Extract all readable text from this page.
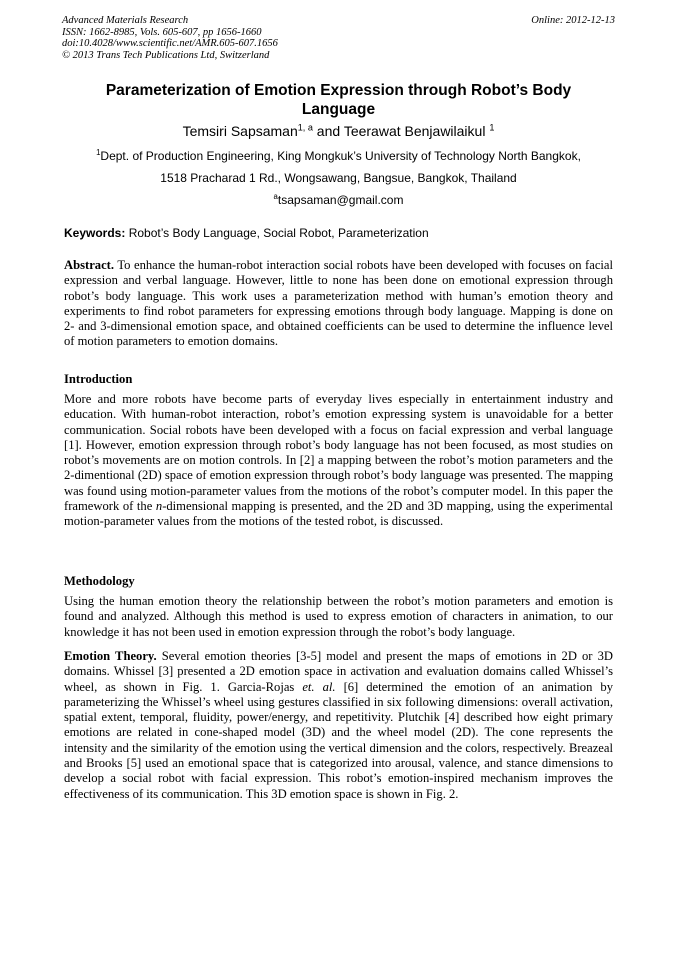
Advanced Materials Research
ISSN: 1662-8985, Vols. 605-607, pp 1656-1660
doi:10.4028/www.scientific.net/AMR.605-607.1656
© 2013 Trans Tech Publications Ltd, Switzerland
Online: 2012-12-13
Parameterization of Emotion Expression through Robot’s Body
Language
Temsiri Sapsaman$^{1, a}$ and Teerawat Benjawilaikul $^1$
$^1$Dept. of Production Engineering, King Mongkuk’s University of Technology North Bangkok,
1518 Pracharad 1 Rd., Wongsawang, Bangsue, Bangkok, Thailand
$^a$tsapsaman@gmail.com
Keywords: Robot’s Body Language, Social Robot, Parameterization

Abstract. To enhance the human-robot interaction social robots have been developed with focuses on facial expression and verbal language. However, little to none has been done on emotional expression through robot’s body language. This work uses a parameterization method with human’s emotion theory and experiments to find robot parameters for expressing emotions through body language. Mapping is done on 2- and 3-dimensional emotion space, and obtained coefficients can be used to determine the influence level of motion parameters to emotion domains.

Introduction

More and more robots have become parts of everyday lives especially in entertainment industry and education. With human-robot interaction, robot’s emotion expressing system is unavoidable for a better communication. Social robots have been developed with a focus on facial expression and verbal language [1]. However, emotion expression through robot’s body language has not been focused, as most studies on robot’s movements are on motion controls. In [2] a mapping between the robot’s motion parameters and the 2-dimentional (2D) space of emotion expression through robot’s body language was presented. The mapping was found using motion-parameter values from the motions of the robot’s computer model. In this paper the framework of the n-dimensional mapping is presented, and the 2D and 3D mapping, using the experimental motion-parameter values from the motions of the tested robot, is discussed.

Methodology

Using the human emotion theory the relationship between the robot’s motion parameters and emotion is found and analyzed. Although this method is used to express emotion of characters in animation, to our knowledge it has not been used in emotion expression through the robot’s body language.

Emotion Theory. Several emotion theories [3-5] model and present the maps of emotions in 2D or 3D domains. Whissel [3] presented a 2D emotion space in activation and evaluation domains called Whissel’s wheel, as shown in Fig. 1. Garcia-Rojas et. al. [6] determined the emotion of an animation by parameterizing the Whissel’s wheel using gestures classified in six following dimensions: overall activation, spatial extent, temporal, fluidity, power/energy, and repetitivity. Plutchik [4] described how eight primary emotions are related in cone-shaped model (3D) and the wheel model (2D). The cone represents the intensity and the similarity of the emotion using the vertical dimension and the colors, respectively. Breazeal and Brooks [5] used an emotional space that is categorized into arousal, valence, and stance dimensions to develop a social robot with facial expression. This robot’s emotion-inspired mechanism improves the effectiveness of its communication. This 3D emotion space is shown in Fig. 2.
